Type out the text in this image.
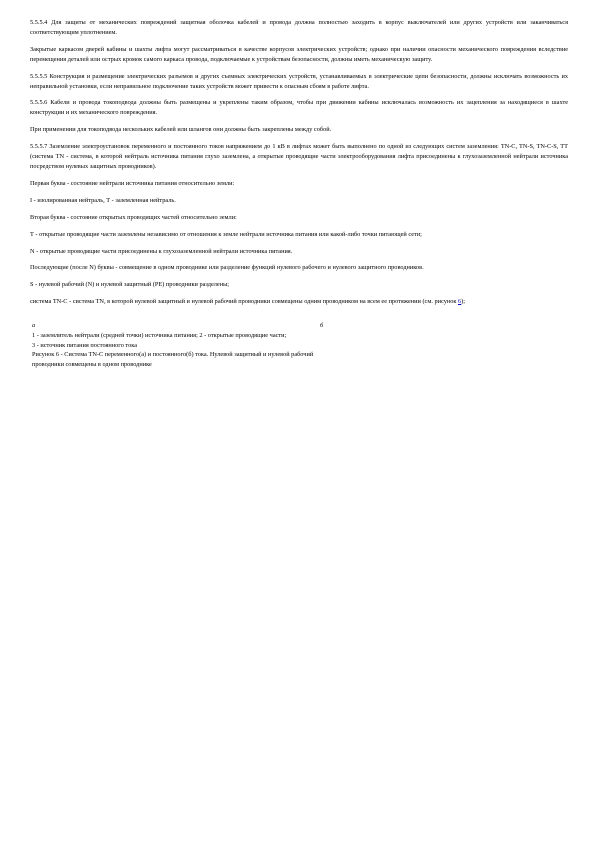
5.5.5.4 Для защиты от механических повреждений защитная оболочка кабелей и провода должна полностью заходить в корпус выключателей или других устройств или заканчиваться соответствующим уплотнением.

Закрытые каркасом дверей кабины и шахты лифта могут рассматриваться в качестве корпусов электрических устройств; однако при наличии опасности механического повреждения вследствие перемещения деталей или острых кромок самого каркаса провода, подключаемые к устройствам безопасности, должны иметь механическую защиту.

5.5.5.5 Конструкция и размещение электрических разъемов и других съемных электрических устройств, устанавливаемых в электрические цепи безопасности, должны исключать возможность их неправильной установки, если неправильное подключение таких устройств может привести к опасным сбоям в работе лифта.

5.5.5.6 Кабели и провода токоподвода должны быть размещены и укреплены таким образом, чтобы при движении кабины исключалась возможность их зацепления за находящиеся в шахте конструкции и их механического повреждения.

При применении для токоподвода нескольких кабелей или шлангов они должны быть закреплены между собой.

5.5.5.7 Заземление электроустановок переменного и постоянного токов напряжением до 1 кВ в лифтах может быть выполнено по одной из следующих систем заземления: TN-C, TN-S, TN-C-S, TT (система TN - система, в которой нейтраль источника питания глухо заземлена, а открытые проводящие части электрооборудования лифта присоединены к глухозаземленной нейтрали источника посредством нулевых защитных проводников).

Первая буква - состояние нейтрали источника питания относительно земли:

I - изолированная нейтраль, Т - заземленная нейтраль.

Вторая буква - состояние открытых проводящих частей относительно земли:

Т - открытые проводящие части заземлены независимо от отношения к земле нейтрали источника питания или какой-либо точки питающей сети;

N - открытые проводящие части присоединены к глухозаземленной нейтрали источника питания.

Последующие (после N) буквы - совмещение в одном проводнике или разделение функций нулевого рабочего и нулевого защитного проводников.

S - нулевой рабочий (N) и нулевой защитный (РЕ) проводники разделены;

система TN-C - система TN, в которой нулевой защитный и нулевой рабочий проводники совмещены одним проводником на всем ее протяжении (см. рисунок 6);

а	б
1 - заземлитель нейтрали (средней точки) источника питания; 2 - открытые проводящие части;
3 - источник питания постоянного тока
Рисунок 6 - Система TN-C переменного(а) и постоянного(б) тока. Нулевой защитный и нулевой рабочий
проводники совмещены в одном проводнике
